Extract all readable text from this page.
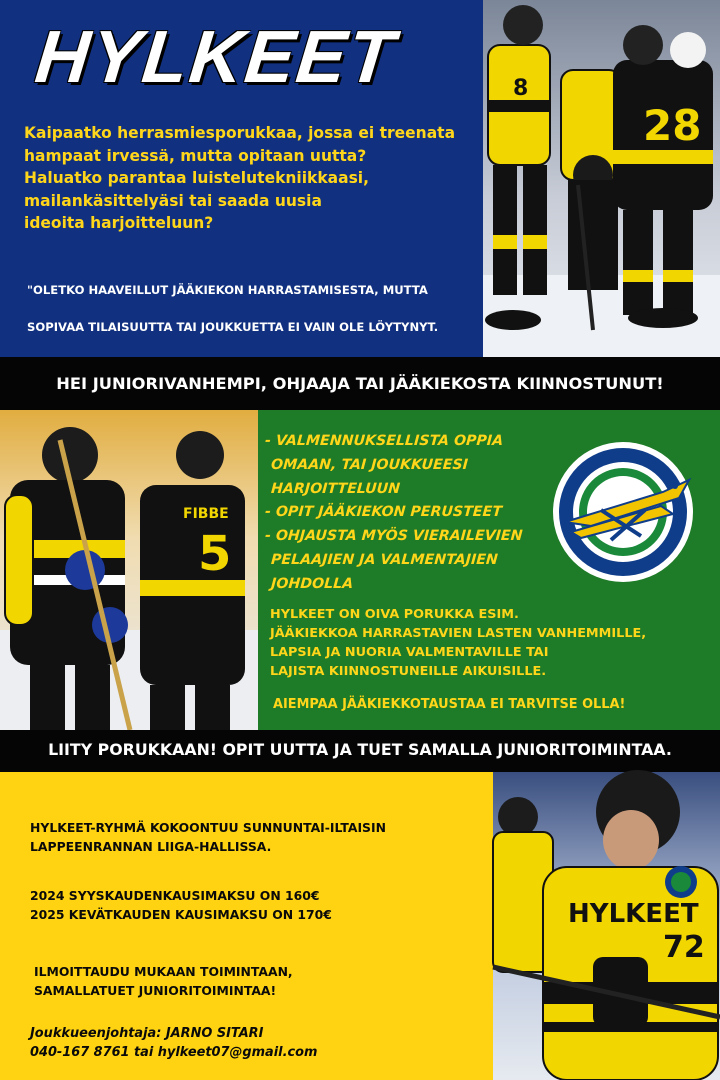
HYLKEET
Kaipaatko herrasmiesporukkaa, jossa ei treenata
hampaat irvessä, mutta opitaan uutta?
Haluatko parantaa luistelutekniikkaasi,
mailankäsittelyäsi tai saada uusia
ideoita harjoitteluun?

"OLETKO HAAVEILLUT JÄÄKIEKON HARRASTAMISESTA, MUTTA

SOPIVAA TILAISUUTTA TAI JOUKKUETTA EI VAIN OLE LÖYTYNYT.

8
28
HEI JUNIORIVANHEMPI, OHJAAJA TAI JÄÄKIEKOSTA KIINNOSTUNUT!
FIBBE
5
- VALMENNUKSELLISTA OPPIA
OMAAN, TAI JOUKKUEESI
HARJOITTELUUN
- OPIT JÄÄKIEKON PERUSTEET
- OHJAUSTA MYÖS VIERAILEVIEN
PELAAJIEN JA VALMENTAJIEN
JOHDOLLA
HYLKEET ON OIVA PORUKKA ESIM.
JÄÄKIEKKOA HARRASTAVIEN LASTEN VANHEMMILLE,
LAPSIA JA NUORIA VALMENTAVILLE TAI
LAJISTA KIINNOSTUNEILLE AIKUISILLE.
AIEMPAA JÄÄKIEKKOTAUSTAA EI TARVITSE OLLA!
LIITY PORUKKAAN! OPIT UUTTA JA TUET SAMALLA JUNIORITOIMINTAA.
HYLKEET-RYHMÄ KOKOONTUU SUNNUNTAI-ILTAISIN
LAPPEENRANNAN LIIGA-HALLISSA.
2024 SYYSKAUDENKAUSIMAKSU ON 160€
2025 KEVÄTKAUDEN KAUSIMAKSU ON 170€
ILMOITTAUDU MUKAAN TOIMINTAAN,
SAMALLATUET JUNIORITOIMINTAA!
Joukkueenjohtaja: JARNO SITARI
040-167 8761 tai hylkeet07@gmail.com
HYLKEET
72
